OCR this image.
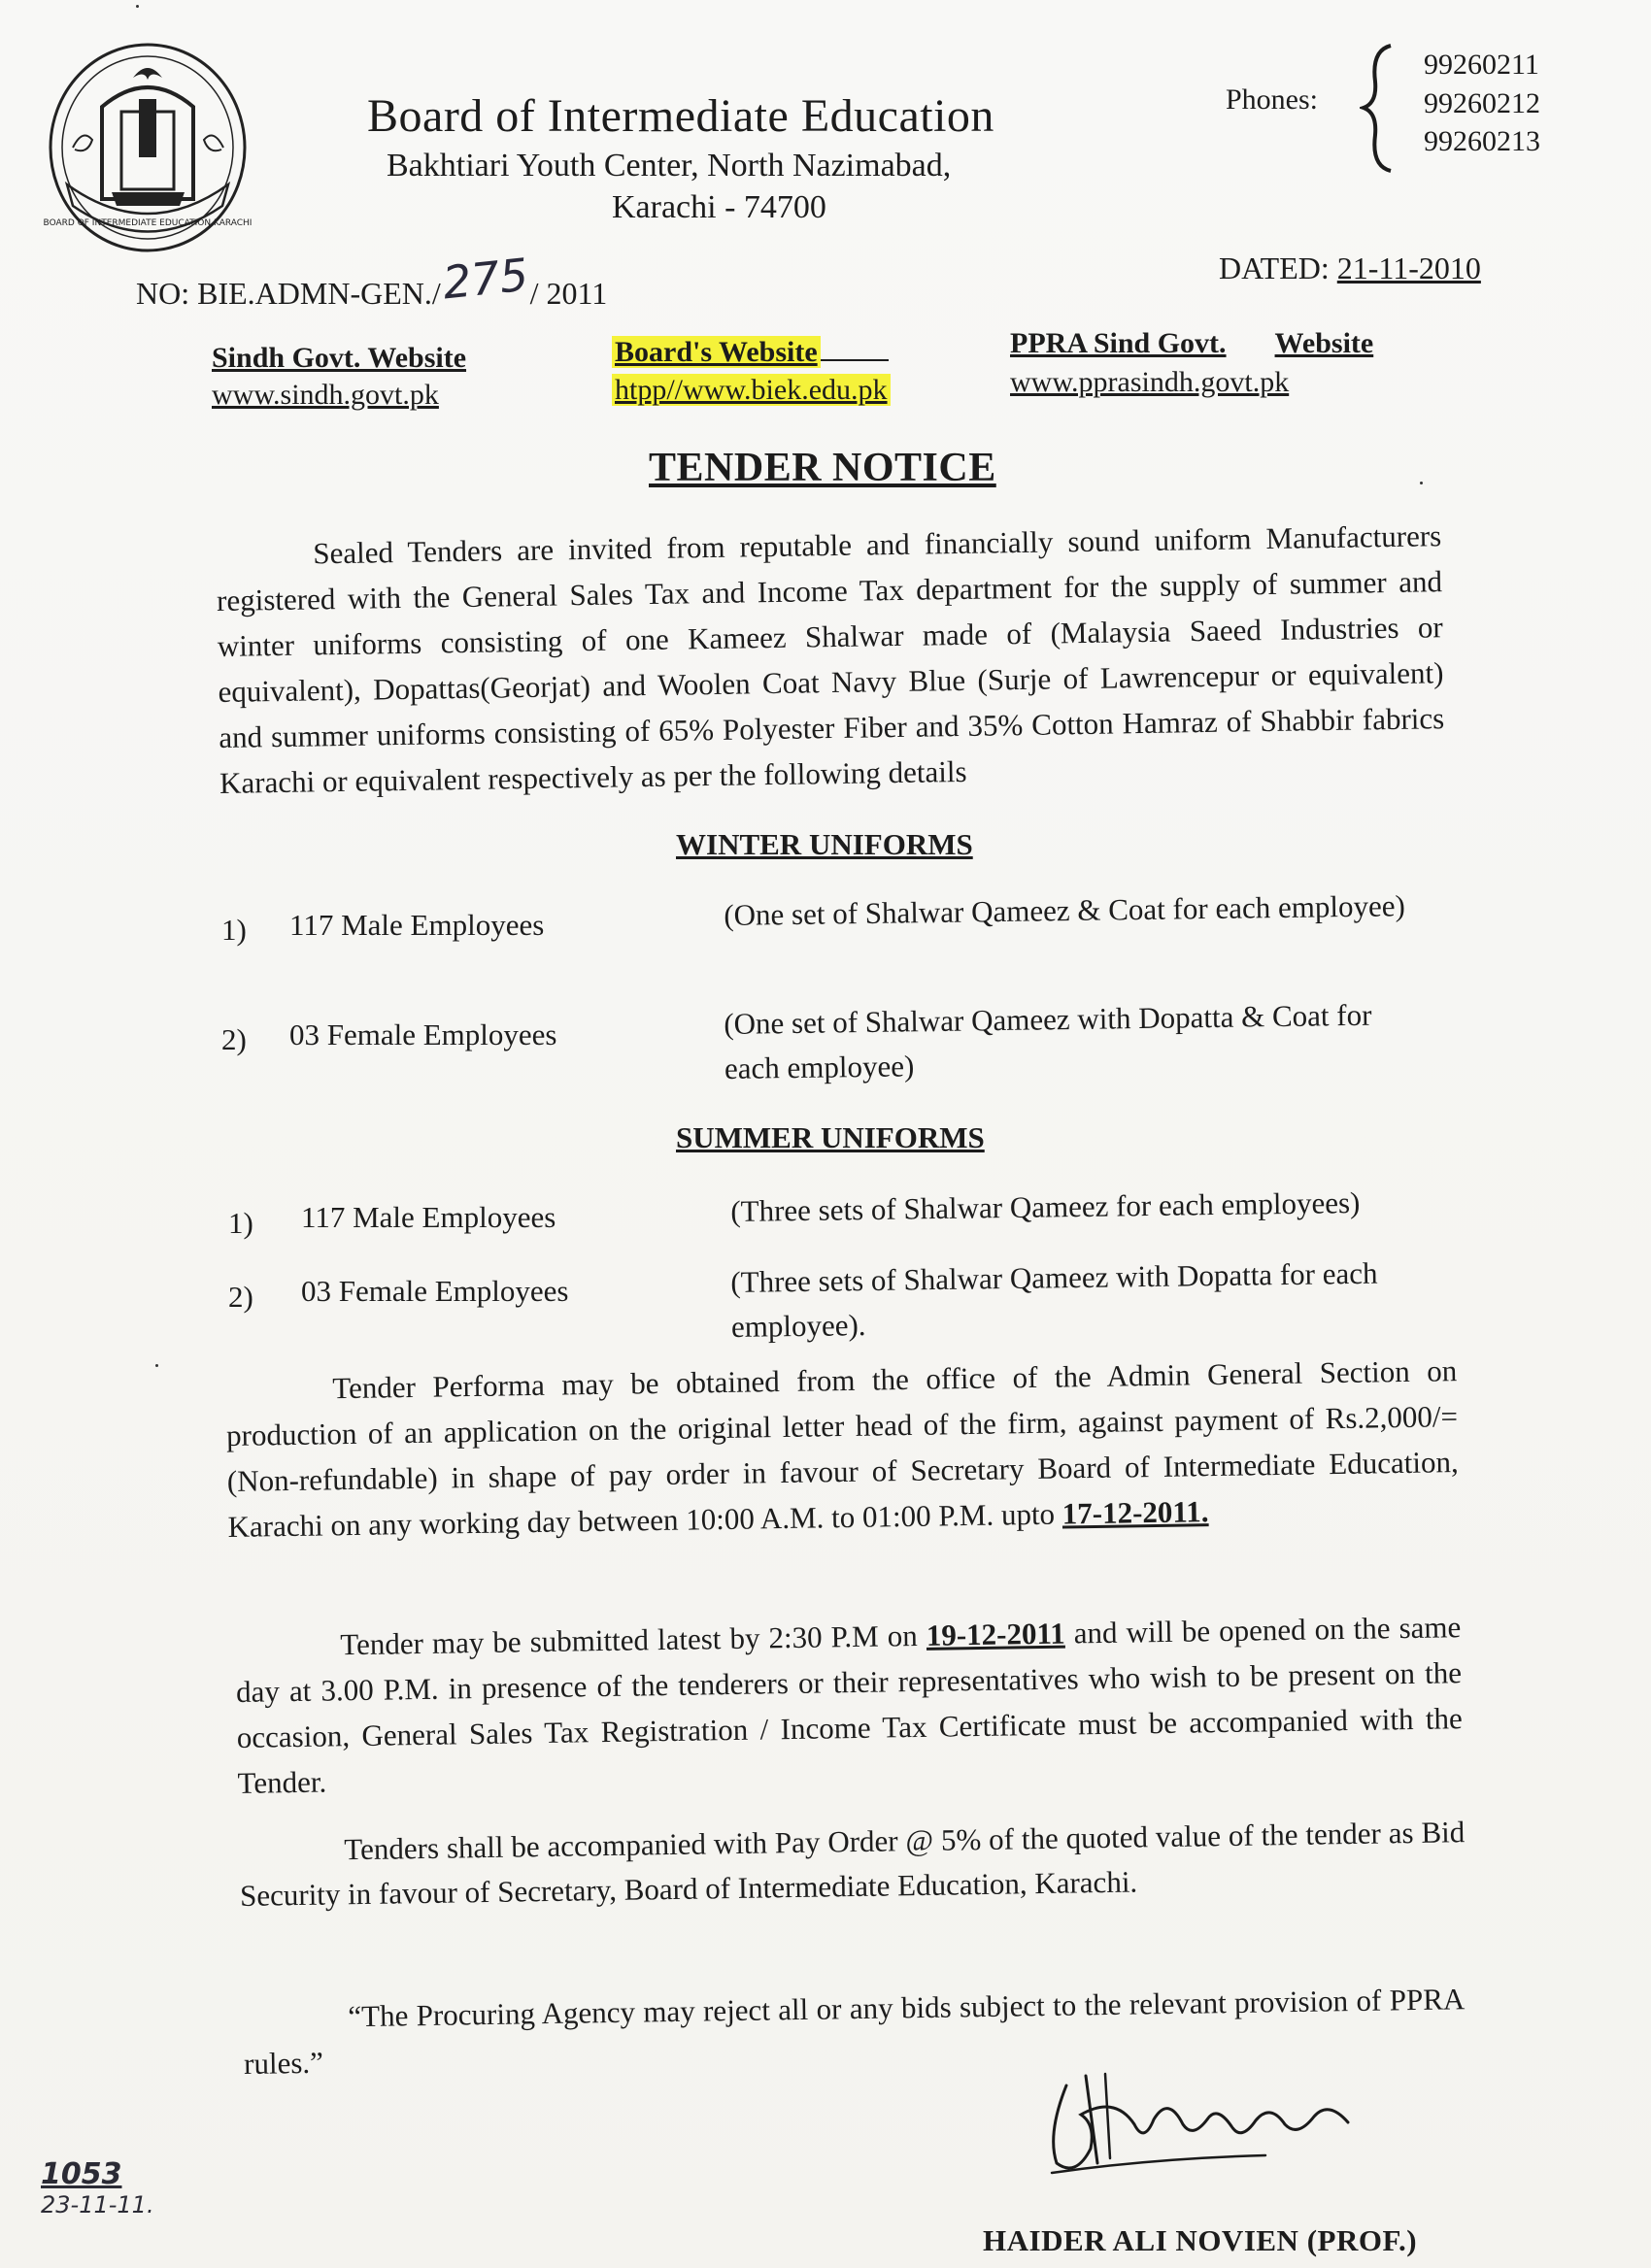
BOARD OF INTERMEDIATE EDUCATION KARACHI
Board of Intermediate Education
Bakhtiari Youth Center, North Nazimabad,
Karachi - 74700
Phones:
99260211
99260212
99260213
NO: BIE.ADMN-GEN./275/ 2011
DATED: 21-11-2010
Sindh Govt. Website
www.sindh.govt.pk
Board's Website
htpp//www.biek.edu.pk
PPRA Sind Govt. Website
www.pprasindh.govt.pk
TENDER NOTICE
Sealed Tenders are invited from reputable and financially sound uniform Manufacturers registered with the General Sales Tax and Income Tax department for the supply of summer and winter uniforms consisting of one Kameez Shalwar made of (Malaysia Saeed Industries or equivalent), Dopattas(Georjat) and Woolen Coat Navy Blue (Surje of Lawrencepur or equivalent) and summer uniforms consisting of 65% Polyester Fiber and 35% Cotton Hamraz of Shabbir fabrics Karachi or equivalent respectively as per the following details
WINTER UNIFORMS
1) 117 Male Employees	(One set of Shalwar Qameez & Coat for each employee)
2) 03 Female Employees	(One set of Shalwar Qameez with Dopatta & Coat for each employee)
SUMMER UNIFORMS
1) 117 Male Employees	(Three sets of Shalwar Qameez for each employees)
2) 03 Female Employees	(Three sets of Shalwar Qameez with Dopatta for each employee).
Tender Performa may be obtained from the office of the Admin General Section on production of an application on the original letter head of the firm, against payment of Rs.2,000/= (Non-refundable) in shape of pay order in favour of Secretary Board of Intermediate Education, Karachi on any working day between 10:00 A.M. to 01:00 P.M. upto 17-12-2011.
Tender may be submitted latest by 2:30 P.M on 19-12-2011 and will be opened on the same day at 3.00 P.M. in presence of the tenderers or their representatives who wish to be present on the occasion, General Sales Tax Registration / Income Tax Certificate must be accompanied with the Tender.
Tenders shall be accompanied with Pay Order @ 5% of the quoted value of the tender as Bid Security in favour of Secretary, Board of Intermediate Education, Karachi.
“The Procuring Agency may reject all or any bids subject to the relevant provision of PPRA rules.”
1053
23-11-11.
HAIDER ALI NOVIEN (PROF.)
